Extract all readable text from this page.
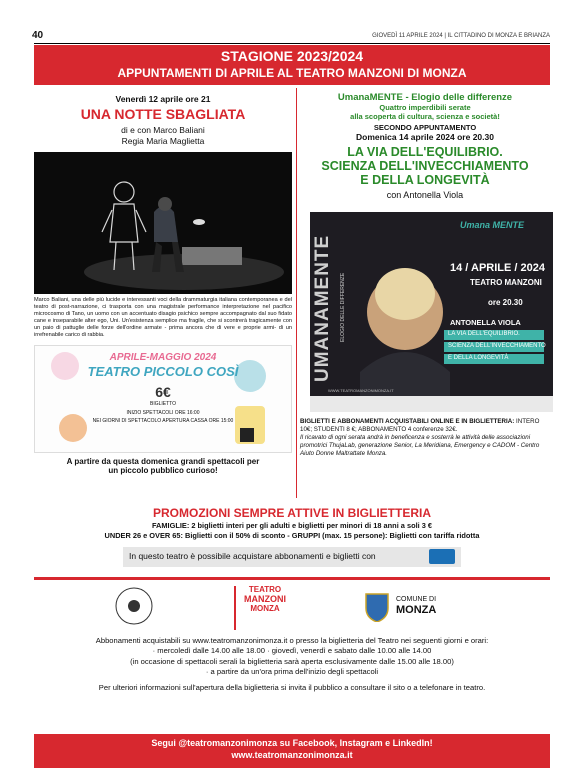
40	GIOVEDÌ 11 APRILE 2024 | IL CITTADINO DI MONZA E BRIANZA
STAGIONE 2023/2024
APPUNTAMENTI DI APRILE AL TEATRO MANZONI DI MONZA
Venerdì 12 aprile ore 21
UNA NOTTE SBAGLIATA
di e con Marco Baliani
Regia Maria Maglietta
Marco Baliani, una delle più lucide e interessanti voci della drammaturgia italiana contemporanea e del teatro di post-narrazione, ci trasporta con una magistrale performance interpretazione nel pacifico microcosmo di Tano, un uomo con un accentuato disagio psichico sempre accompagnato dal suo fidato cane e inseparabile alter ego, Uni. Un'esistenza semplice ma fragile, che si scontrerà tragicamente con un paio di pattuglie delle forze dell'ordine armate - prima ancora che di vere e proprie armi- di un irrefrenabile carico di rabbia.
APRILE-MAGGIO 2024
TEATRO PICCOLO COSÌ
6€
BIGLIETTO
INIZIO SPETTACOLI ORE 16:00
NEI GIORNI DI SPETTACOLO APERTURA CASSA ORE 15:00
A partire da questa domenica grandi spettacoli per un piccolo pubblico curioso!
UmanaMENTE - Elogio delle differenze
Quattro imperdibili serate
alla scoperta di cultura, scienza e società!
SECONDO APPUNTAMENTO
Domenica 14 aprile 2024 ore 20.30
LA VIA DELL'EQUILIBRIO.
SCIENZA DELL'INVECCHIAMENTO
E DELLA LONGEVITÀ
con Antonella Viola
UMANAMENTE ELOGIO DELLE DIFFERENZE
Umana MENTE
14 / APRILE / 2024
TEATRO MANZONI
ore 20.30
ANTONELLA VIOLA
LA VIA DELL'EQUILIBRIO.
SCIENZA DELL'INVECCHIAMENTO
E DELLA LONGEVITÀ
WWW.TEATROMANZONIMONZA.IT
BIGLIETTI E ABBONAMENTI ACQUISTABILI ONLINE E IN BIGLIETTERIA: INTERO 10€; STUDENTI 8 €; ABBONAMENTO 4 conferenze 32€.
Il ricavato di ogni serata andrà in beneficenza e sosterrà le attività delle associazioni promotrici ThujaLab, generazione Senior, La Meridiana, Emergency e CADOM - Centro Aiuto Donne Maltrattate Monza.
PROMOZIONI SEMPRE ATTIVE IN BIGLIETTERIA
FAMIGLIE: 2 biglietti interi per gli adulti e biglietti per minori di 18 anni a soli 3 €
UNDER 26 e OVER 65: Biglietti con il 50% di sconto - GRUPPI (max. 15 persone): Biglietti con tariffa ridotta
In questo teatro è possibile acquistare abbonamenti e biglietti con
TEATRO
MANZONI
MONZA
COMUNE DI
MONZA
Abbonamenti acquistabili su www.teatromanzonimonza.it o presso la biglietteria del Teatro nei seguenti giorni e orari:
· mercoledì dalle 14.00 alle 18.00 · giovedì, venerdì e sabato dalle 10.00 alle 14.00
(in occasione di spettacoli serali la biglietteria sarà aperta esclusivamente dalle 15.00 alle 18.00)
· a partire da un'ora prima dell'inizio degli spettacoli
Per ulteriori informazioni sull'apertura della biglietteria si invita il pubblico a consultare il sito o a telefonare in teatro.
Segui @teatromanzonimonza su Facebook, Instagram e LinkedIn!
www.teatromanzonimonza.it
